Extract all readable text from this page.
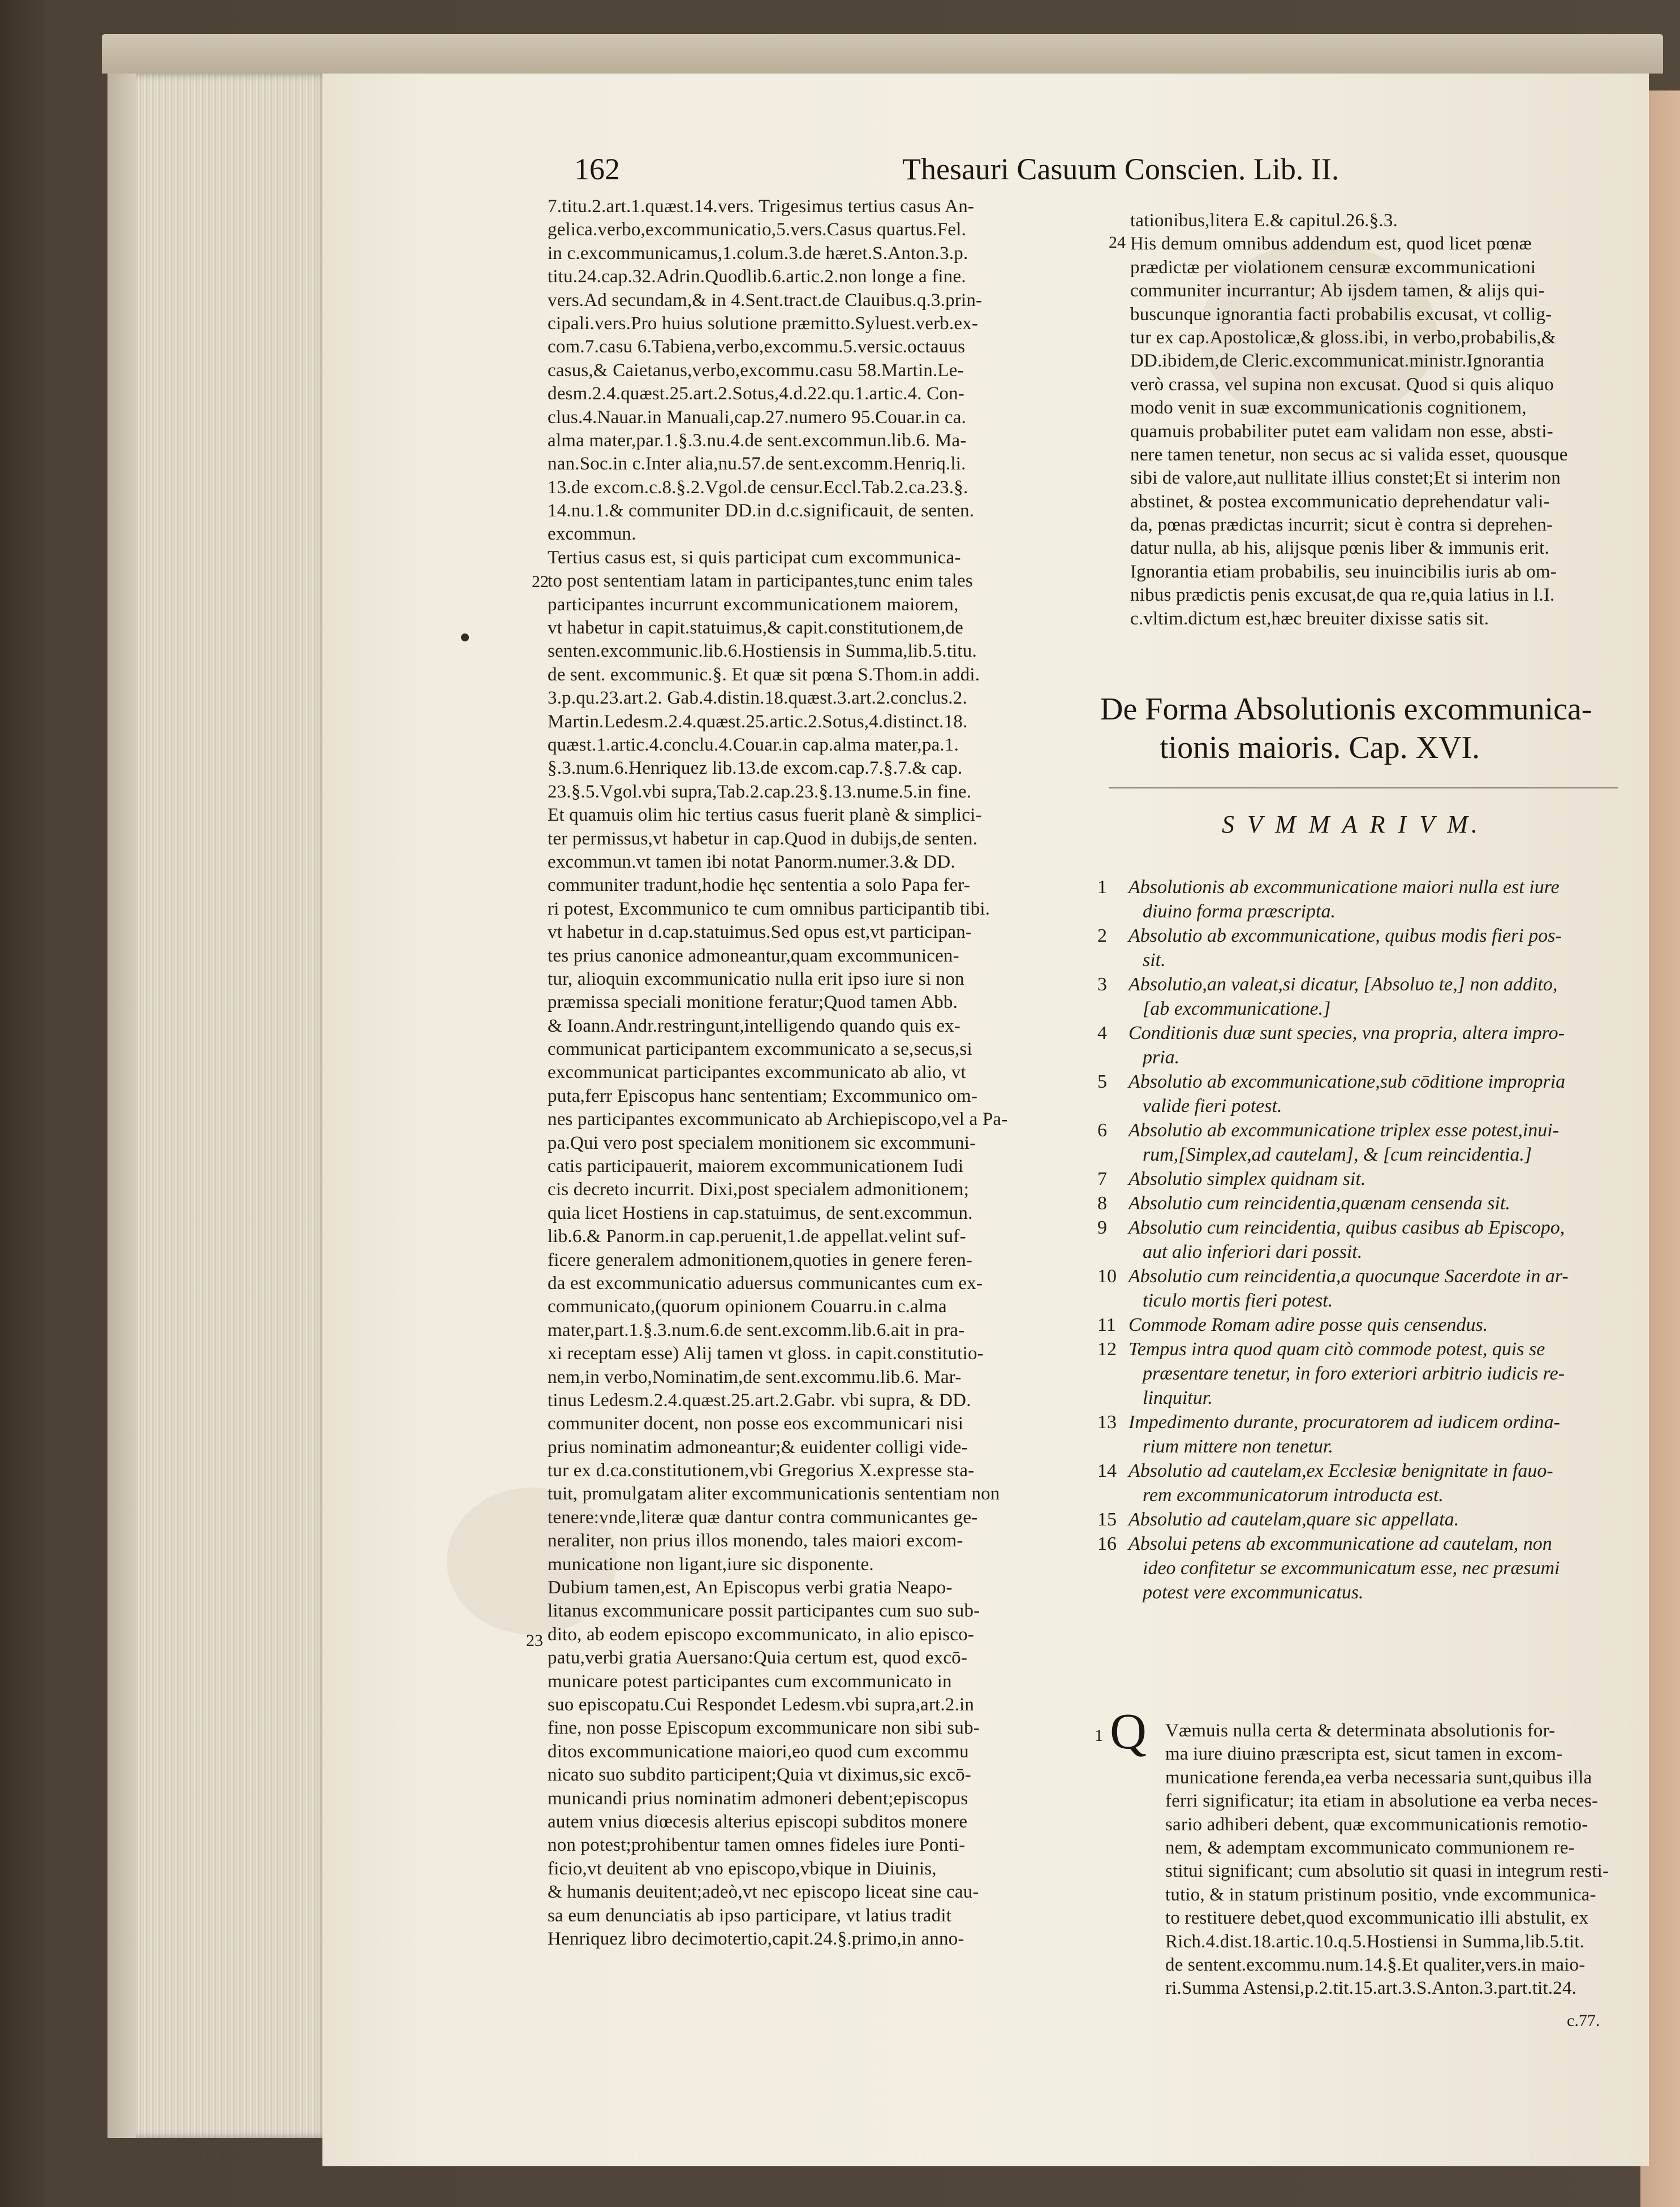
162	Thesauri Casuum Conscien. Lib. II.
7.titu.2.art.1.quæst.14.vers. Trigesimus tertius casus An-
gelica.verbo,excommunicatio,5.vers.Casus quartus.Fel.
in c.excommunicamus,1.colum.3.de hæret.S.Anton.3.p.
titu.24.cap.32.Adrin.Quodlib.6.artic.2.non longe a fine.
vers.Ad secundam,& in 4.Sent.tract.de Clauibus.q.3.prin-
cipali.vers.Pro huius solutione præmitto.Syluest.verb.ex-
com.7.casu 6.Tabiena,verbo,excommu.5.versic.octauus
casus,& Caietanus,verbo,excommu.casu 58.Martin.Le-
desm.2.4.quæst.25.art.2.Sotus,4.d.22.qu.1.artic.4. Con-
clus.4.Nauar.in Manuali,cap.27.numero 95.Couar.in ca.
alma mater,par.1.§.3.nu.4.de sent.excommun.lib.6. Ma-
nan.Soc.in c.Inter alia,nu.57.de sent.excomm.Henriq.li.
13.de excom.c.8.§.2.Vgol.de censur.Eccl.Tab.2.ca.23.§.
14.nu.1.& communiter DD.in d.c.significauit, de senten.
excommun.
Tertius casus est, si quis participat cum excommunica-
to post sententiam latam in participantes,tunc enim tales
participantes incurrunt excommunicationem maiorem,
vt habetur in capit.statuimus,& capit.constitutionem,de
senten.excommunic.lib.6.Hostiensis in Summa,lib.5.titu.
de sent. excommunic.§. Et quæ sit pœna S.Thom.in addi.
3.p.qu.23.art.2. Gab.4.distin.18.quæst.3.art.2.conclus.2.
Martin.Ledesm.2.4.quæst.25.artic.2.Sotus,4.distinct.18.
quæst.1.artic.4.conclu.4.Couar.in cap.alma mater,pa.1.
§.3.num.6.Henriquez lib.13.de excom.cap.7.§.7.& cap.
23.§.5.Vgol.vbi supra,Tab.2.cap.23.§.13.nume.5.in fine.
Et quamuis olim hic tertius casus fuerit planè & simplici-
ter permissus,vt habetur in cap.Quod in dubijs,de senten.
excommun.vt tamen ibi notat Panorm.numer.3.& DD.
communiter tradunt,hodie hęc sententia a solo Papa fer-
ri potest, Excommunico te cum omnibus participantib tibi.
vt habetur in d.cap.statuimus.Sed opus est,vt participan-
tes prius canonice admoneantur,quam excommunicen-
tur, alioquin excommunicatio nulla erit ipso iure si non
præmissa speciali monitione feratur;Quod tamen Abb.
& Ioann.Andr.restringunt,intelligendo quando quis ex-
communicat participantem excommunicato a se,secus,si
excommunicat participantes excommunicato ab alio, vt
puta,ferr Episcopus hanc sententiam; Excommunico om-
nes participantes excommunicato ab Archiepiscopo,vel a Pa-
pa.Qui vero post specialem monitionem sic excommuni-
catis participauerit, maiorem excommunicationem Iudi
cis decreto incurrit. Dixi,post specialem admonitionem;
quia licet Hostiens in cap.statuimus, de sent.excommun.
lib.6.& Panorm.in cap.peruenit,1.de appellat.velint suf-
ficere generalem admonitionem,quoties in genere feren-
da est excommunicatio aduersus communicantes cum ex-
communicato,(quorum opinionem Couarru.in c.alma
mater,part.1.§.3.num.6.de sent.excomm.lib.6.ait in pra-
xi receptam esse) Alij tamen vt gloss. in capit.constitutio-
nem,in verbo,Nominatim,de sent.excommu.lib.6. Mar-
tinus Ledesm.2.4.quæst.25.art.2.Gabr. vbi supra, & DD.
communiter docent, non posse eos excommunicari nisi
prius nominatim admoneantur;& euidenter colligi vide-
tur ex d.ca.constitutionem,vbi Gregorius X.expresse sta-
tuit, promulgatam aliter excommunicationis sententiam non
tenere:vnde,literæ quæ dantur contra communicantes ge-
neraliter, non prius illos monendo, tales maiori excom-
municatione non ligant,iure sic disponente.
Dubium tamen,est, An Episcopus verbi gratia Neapo-
litanus excommunicare possit participantes cum suo sub-
dito, ab eodem episcopo excommunicato, in alio episco-
patu,verbi gratia Auersano:Quia certum est, quod excō-
municare potest participantes cum excommunicato in
suo episcopatu.Cui Respondet Ledesm.vbi supra,art.2.in
fine, non posse Episcopum excommunicare non sibi sub-
ditos excommunicatione maiori,eo quod cum excommu
nicato suo subdito participent;Quia vt diximus,sic excō-
municandi prius nominatim admoneri debent;episcopus
autem vnius diœcesis alterius episcopi subditos monere
non potest;prohibentur tamen omnes fideles iure Ponti-
ficio,vt deuitent ab vno episcopo,vbique in Diuinis,
& humanis deuitent;adeò,vt nec episcopo liceat sine cau-
sa eum denunciatis ab ipso participare, vt latius tradit
Henriquez libro decimotertio,capit.24.§.primo,in anno-
22
23
tationibus,litera E.& capitul.26.§.3.
His demum omnibus addendum est, quod licet pœnæ
prædictæ per violationem censuræ excommunicationi
communiter incurrantur; Ab ijsdem tamen, & alijs qui-
buscunque ignorantia facti probabilis excusat, vt collig-
tur ex cap.Apostolicæ,& gloss.ibi, in verbo,probabilis,&
DD.ibidem,de Cleric.excommunicat.ministr.Ignorantia
verò crassa, vel supina non excusat. Quod si quis aliquo
modo venit in suæ excommunicationis cognitionem,
quamuis probabiliter putet eam validam non esse, absti-
nere tamen tenetur, non secus ac si valida esset, quousque
sibi de valore,aut nullitate illius constet;Et si interim non
abstinet, & postea excommunicatio deprehendatur vali-
da, pœnas prædictas incurrit; sicut è contra si deprehen-
datur nulla, ab his, alijsque pœnis liber & immunis erit.
Ignorantia etiam probabilis, seu inuincibilis iuris ab om-
nibus prædictis penis excusat,de qua re,quia latius in l.I.
c.vltim.dictum est,hæc breuiter dixisse satis sit.
24
De Forma Absolutionis excommunica-
tionis maioris. Cap. XVI.
S V M M A R I V M.
1 Absolutionis ab excommunicatione maiori nulla est iure
diuino forma præscripta.
2 Absolutio ab excommunicatione, quibus modis fieri pos-
sit.
3 Absolutio,an valeat,si dicatur, [Absoluo te,] non addito,
[ab excommunicatione.]
4 Conditionis duæ sunt species, vna propria, altera impro-
pria.
5 Absolutio ab excommunicatione,sub cōditione impropria
valide fieri potest.
6 Absolutio ab excommunicatione triplex esse potest,inui-
rum,[Simplex,ad cautelam], & [cum reincidentia.]
7 Absolutio simplex quidnam sit.
8 Absolutio cum reincidentia,quænam censenda sit.
9 Absolutio cum reincidentia, quibus casibus ab Episcopo,
aut alio inferiori dari possit.
10 Absolutio cum reincidentia,a quocunque Sacerdote in ar-
ticulo mortis fieri potest.
11 Commode Romam adire posse quis censendus.
12 Tempus intra quod quam citò commode potest, quis se
præsentare tenetur, in foro exteriori arbitrio iudicis re-
linquitur.
13 Impedimento durante, procuratorem ad iudicem ordina-
rium mittere non tenetur.
14 Absolutio ad cautelam,ex Ecclesiæ benignitate in fauo-
rem excommunicatorum introducta est.
15 Absolutio ad cautelam,quare sic appellata.
16 Absolui petens ab excommunicatione ad cautelam, non
ideo confitetur se excommunicatum esse, nec præsumi
potest vere excommunicatus.
Q
1	Væmuis nulla certa & determinata absolutionis for-
ma iure diuino præscripta est, sicut tamen in excom-
municatione ferenda,ea verba necessaria sunt,quibus illa
ferri significatur; ita etiam in absolutione ea verba neces-
sario adhiberi debent, quæ excommunicationis remotio-
nem, & ademptam excommunicato communionem re-
stitui significant; cum absolutio sit quasi in integrum resti-
tutio, & in statum pristinum positio, vnde excommunica-
to restituere debet,quod excommunicatio illi abstulit, ex
Rich.4.dist.18.artic.10.q.5.Hostiensi in Summa,lib.5.tit.
de sentent.excommu.num.14.§.Et qualiter,vers.in maio-
ri.Summa Astensi,p.2.tit.15.art.3.S.Anton.3.part.tit.24.
c.77.
